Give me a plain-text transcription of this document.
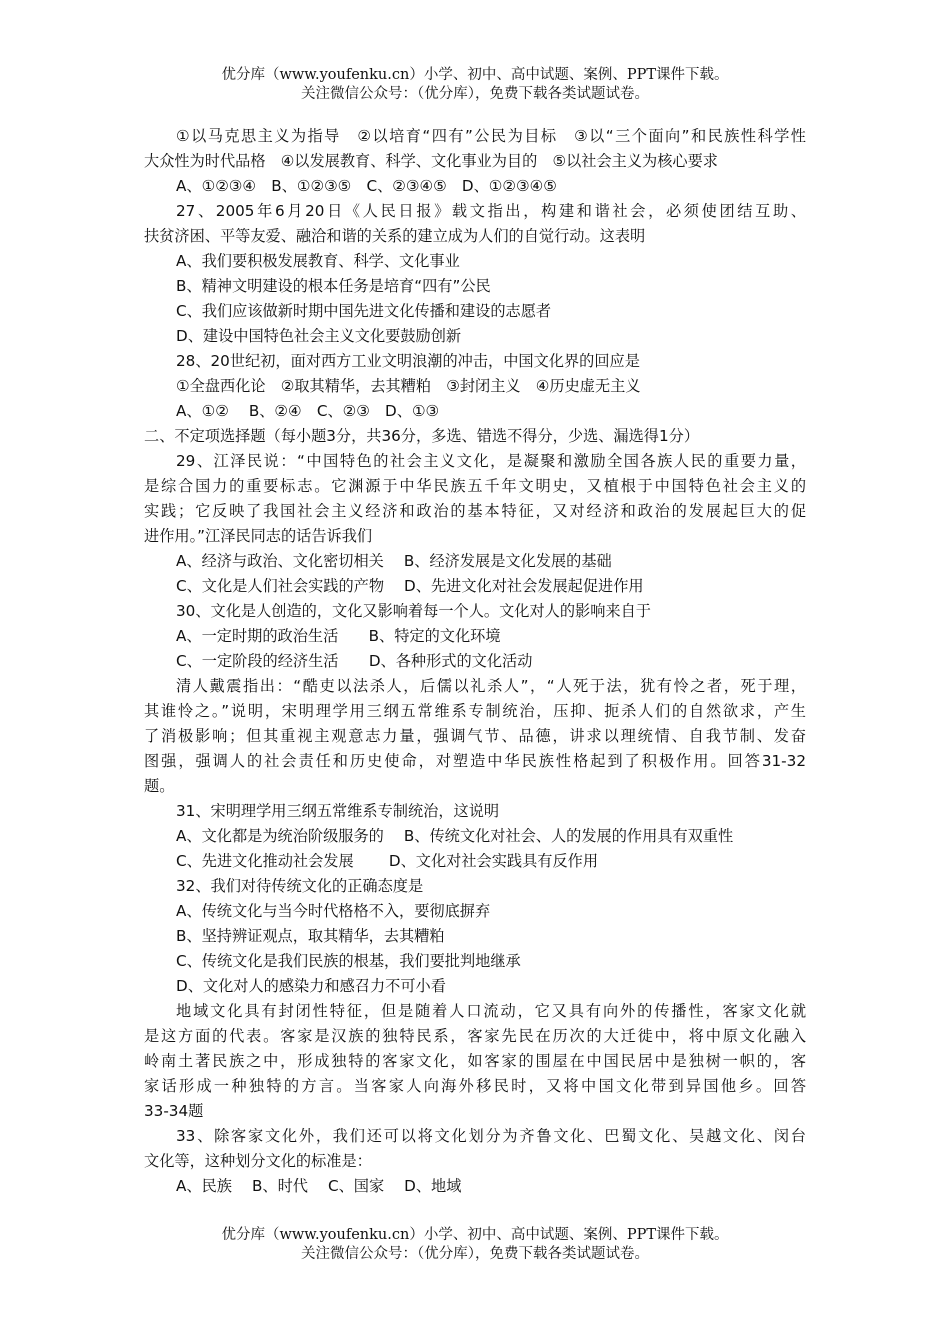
优分库（www.youfenku.cn）小学、初中、高中试题、案例、PPT课件下载。
关注微信公众号：（优分库），免费下载各类试题试卷。
①以马克思主义为指导　②以培育“四有”公民为目标　③以“三个面向”和民族性科学性
大众性为时代品格　④以发展教育、科学、文化事业为目的　⑤以社会主义为核心要求
A、①②③④　B、①②③⑤　C、②③④⑤　D、①②③④⑤
27、2005年6月20日《人民日报》载文指出，构建和谐社会，必须使团结互助、
扶贫济困、平等友爱、融洽和谐的关系的建立成为人们的自觉行动。这表明
A、我们要积极发展教育、科学、文化事业
B、精神文明建设的根本任务是培育“四有”公民
C、我们应该做新时期中国先进文化传播和建设的志愿者
D、建设中国特色社会主义文化要鼓励创新
28、20世纪初，面对西方工业文明浪潮的冲击，中国文化界的回应是
①全盘西化论　②取其精华，去其糟粕　③封闭主义　④历史虚无主义
A、①②　 B、②④　C、②③　D、①③
二、不定项选择题（每小题3分，共36分，多选、错选不得分，少选、漏选得1分）
29、江泽民说：“中国特色的社会主义文化，是凝聚和激励全国各族人民的重要力量，
是综合国力的重要标志。它渊源于中华民族五千年文明史，又植根于中国特色社会主义的
实践；它反映了我国社会主义经济和政治的基本特征，又对经济和政治的发展起巨大的促
进作用。”江泽民同志的话告诉我们
A、经济与政治、文化密切相关　 B、经济发展是文化发展的基础
C、文化是人们社会实践的产物　 D、先进文化对社会发展起促进作用
30、文化是人创造的，文化又影响着每一个人。文化对人的影响来自于
A、一定时期的政治生活　　B、特定的文化环境
C、一定阶段的经济生活　　D、各种形式的文化活动
清人戴震指出：“酷吏以法杀人，后儒以礼杀人”，“人死于法，犹有怜之者，死于理，
其谁怜之。”说明，宋明理学用三纲五常维系专制统治，压抑、扼杀人们的自然欲求，产生
了消极影响；但其重视主观意志力量，强调气节、品德，讲求以理统情、自我节制、发奋
图强，强调人的社会责任和历史使命，对塑造中华民族性格起到了积极作用。回答31-32
题。
31、宋明理学用三纲五常维系专制统治，这说明
A、文化都是为统治阶级服务的　 B、传统文化对社会、人的发展的作用具有双重性
C、先进文化推动社会发展　　 D、文化对社会实践具有反作用
32、我们对待传统文化的正确态度是
A、传统文化与当今时代格格不入，要彻底摒弃
B、坚持辨证观点，取其精华，去其糟粕
C、传统文化是我们民族的根基，我们要批判地继承
D、文化对人的感染力和感召力不可小看
地域文化具有封闭性特征，但是随着人口流动，它又具有向外的传播性，客家文化就
是这方面的代表。客家是汉族的独特民系，客家先民在历次的大迁徙中，将中原文化融入
岭南土著民族之中，形成独特的客家文化，如客家的围屋在中国民居中是独树一帜的，客
家话形成一种独特的方言。当客家人向海外移民时，又将中国文化带到异国他乡。回答
33-34题
33、除客家文化外，我们还可以将文化划分为齐鲁文化、巴蜀文化、吴越文化、闵台
文化等，这种划分文化的标准是：
A、民族　 B、时代　 C、国家　 D、地域
优分库（www.youfenku.cn）小学、初中、高中试题、案例、PPT课件下载。
关注微信公众号：（优分库），免费下载各类试题试卷。
